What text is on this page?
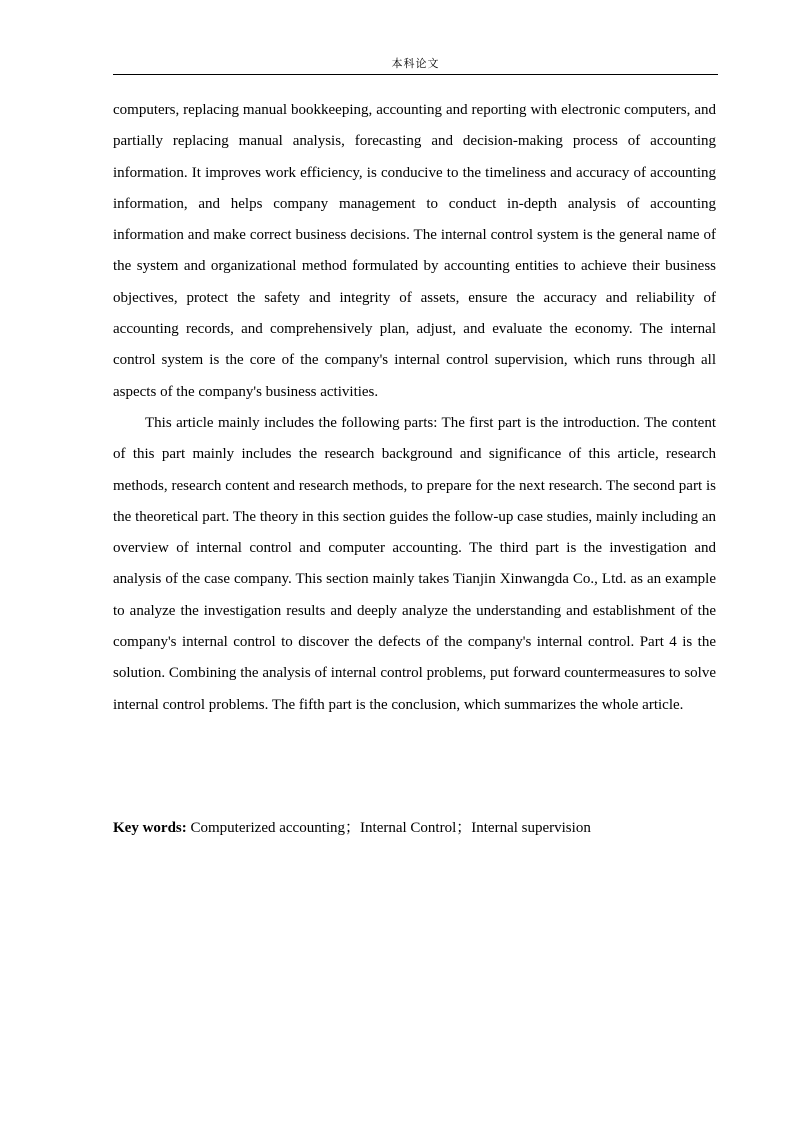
本科论文

computers, replacing manual bookkeeping, accounting and reporting with electronic computers, and partially replacing manual analysis, forecasting and decision-making process of accounting information. It improves work efficiency, is conducive to the timeliness and accuracy of accounting information, and helps company management to conduct in-depth analysis of accounting information and make correct business decisions. The internal control system is the general name of the system and organizational method formulated by accounting entities to achieve their business objectives, protect the safety and integrity of assets, ensure the accuracy and reliability of accounting records, and comprehensively plan, adjust, and evaluate the economy. The internal control system is the core of the company's internal control supervision, which runs through all aspects of the company's business activities.

This article mainly includes the following parts: The first part is the introduction. The content of this part mainly includes the research background and significance of this article, research methods, research content and research methods, to prepare for the next research. The second part is the theoretical part. The theory in this section guides the follow-up case studies, mainly including an overview of internal control and computer accounting. The third part is the investigation and analysis of the case company. This section mainly takes Tianjin Xinwangda Co., Ltd. as an example to analyze the investigation results and deeply analyze the understanding and establishment of the company's internal control to discover the defects of the company's internal control. Part 4 is the solution. Combining the analysis of internal control problems, put forward countermeasures to solve internal control problems. The fifth part is the conclusion, which summarizes the whole article.

Key words: Computerized accounting；Internal Control；Internal supervision
